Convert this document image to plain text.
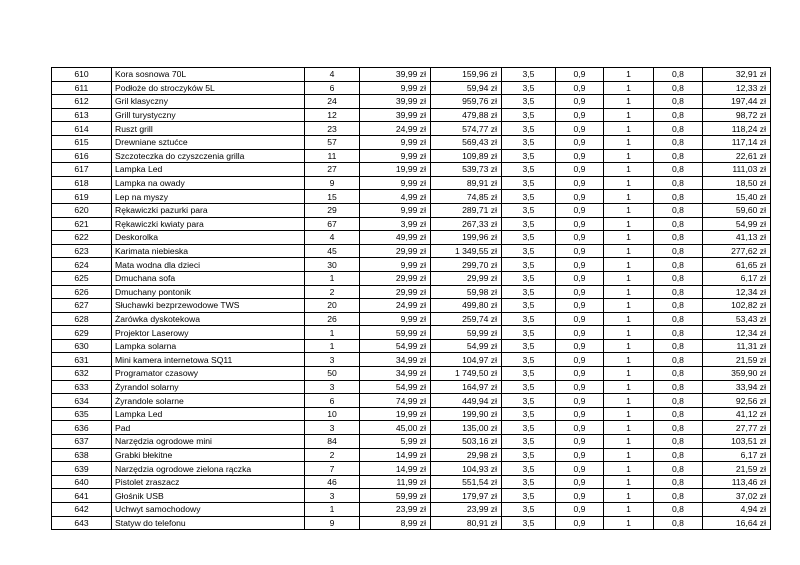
610	Kora sosnowa 70L	4	39,99 zł	159,96 zł	3,5	0,9	1	0,8	32,91 zł
611	Podłoże do stroczyków 5L	6	9,99 zł	59,94 zł	3,5	0,9	1	0,8	12,33 zł
612	Gril klasyczny	24	39,99 zł	959,76 zł	3,5	0,9	1	0,8	197,44 zł
613	Grill turystyczny	12	39,99 zł	479,88 zł	3,5	0,9	1	0,8	98,72 zł
614	Ruszt grill	23	24,99 zł	574,77 zł	3,5	0,9	1	0,8	118,24 zł
615	Drewniane sztućce	57	9,99 zł	569,43 zł	3,5	0,9	1	0,8	117,14 zł
616	Szczoteczka do czyszczenia grilla	11	9,99 zł	109,89 zł	3,5	0,9	1	0,8	22,61 zł
617	Lampka Led	27	19,99 zł	539,73 zł	3,5	0,9	1	0,8	111,03 zł
618	Lampka na owady	9	9,99 zł	89,91 zł	3,5	0,9	1	0,8	18,50 zł
619	Lep na myszy	15	4,99 zł	74,85 zł	3,5	0,9	1	0,8	15,40 zł
620	Rękawiczki pazurki para	29	9,99 zł	289,71 zł	3,5	0,9	1	0,8	59,60 zł
621	Rękawiczki kwiaty para	67	3,99 zł	267,33 zł	3,5	0,9	1	0,8	54,99 zł
622	Deskorolka	4	49,99 zł	199,96 zł	3,5	0,9	1	0,8	41,13 zł
623	Karimata niebieska	45	29,99 zł	1 349,55 zł	3,5	0,9	1	0,8	277,62 zł
624	Mata wodna dla dzieci	30	9,99 zł	299,70 zł	3,5	0,9	1	0,8	61,65 zł
625	Dmuchana sofa	1	29,99 zł	29,99 zł	3,5	0,9	1	0,8	6,17 zł
626	Dmuchany pontonik	2	29,99 zł	59,98 zł	3,5	0,9	1	0,8	12,34 zł
627	Słuchawki bezprzewodowe TWS	20	24,99 zł	499,80 zł	3,5	0,9	1	0,8	102,82 zł
628	Żarówka dyskotekowa	26	9,99 zł	259,74 zł	3,5	0,9	1	0,8	53,43 zł
629	Projektor Laserowy	1	59,99 zł	59,99 zł	3,5	0,9	1	0,8	12,34 zł
630	Lampka solarna	1	54,99 zł	54,99 zł	3,5	0,9	1	0,8	11,31 zł
631	Mini kamera internetowa SQ11	3	34,99 zł	104,97 zł	3,5	0,9	1	0,8	21,59 zł
632	Programator czasowy	50	34,99 zł	1 749,50 zł	3,5	0,9	1	0,8	359,90 zł
633	Żyrandol solarny	3	54,99 zł	164,97 zł	3,5	0,9	1	0,8	33,94 zł
634	Żyrandole solarne	6	74,99 zł	449,94 zł	3,5	0,9	1	0,8	92,56 zł
635	Lampka Led	10	19,99 zł	199,90 zł	3,5	0,9	1	0,8	41,12 zł
636	Pad	3	45,00 zł	135,00 zł	3,5	0,9	1	0,8	27,77 zł
637	Narzędzia ogrodowe mini	84	5,99 zł	503,16 zł	3,5	0,9	1	0,8	103,51 zł
638	Grabki błekitne	2	14,99 zł	29,98 zł	3,5	0,9	1	0,8	6,17 zł
639	Narzędzia ogrodowe zielona rączka	7	14,99 zł	104,93 zł	3,5	0,9	1	0,8	21,59 zł
640	Pistolet zraszacz	46	11,99 zł	551,54 zł	3,5	0,9	1	0,8	113,46 zł
641	Głośnik USB	3	59,99 zł	179,97 zł	3,5	0,9	1	0,8	37,02 zł
642	Uchwyt samochodowy	1	23,99 zł	23,99 zł	3,5	0,9	1	0,8	4,94 zł
643	Statyw do telefonu	9	8,99 zł	80,91 zł	3,5	0,9	1	0,8	16,64 zł
